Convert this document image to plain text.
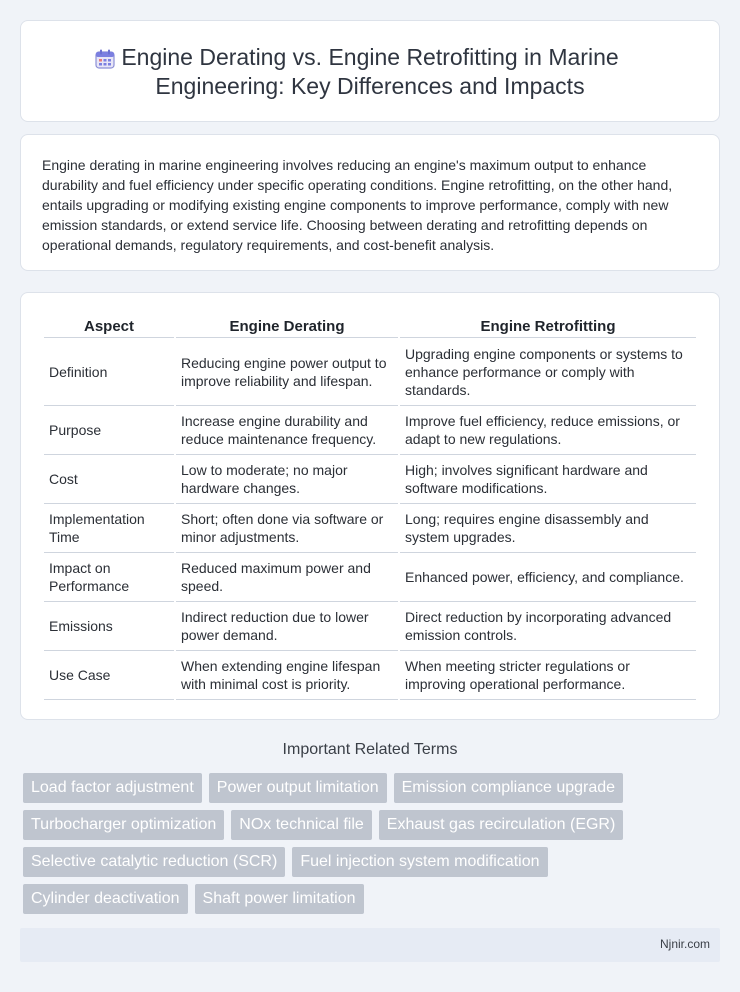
Engine Derating vs. Engine Retrofitting in Marine
Engineering: Key Differences and Impacts

Engine derating in marine engineering involves reducing an engine's maximum output to enhance durability and fuel efficiency under specific operating conditions. Engine retrofitting, on the other hand, entails upgrading or modifying existing engine components to improve performance, comply with new emission standards, or extend service life. Choosing between derating and retrofitting depends on operational demands, regulatory requirements, and cost-benefit analysis.

Aspect	Engine Derating	Engine Retrofitting
Definition	Reducing engine power output to improve reliability and lifespan.	Upgrading engine components or systems to enhance performance or comply with standards.
Purpose	Increase engine durability and reduce maintenance frequency.	Improve fuel efficiency, reduce emissions, or adapt to new regulations.
Cost	Low to moderate; no major hardware changes.	High; involves significant hardware and software modifications.
Implementation Time	Short; often done via software or minor adjustments.	Long; requires engine disassembly and system upgrades.
Impact on Performance	Reduced maximum power and speed.	Enhanced power, efficiency, and compliance.
Emissions	Indirect reduction due to lower power demand.	Direct reduction by incorporating advanced emission controls.
Use Case	When extending engine lifespan with minimal cost is priority.	When meeting stricter regulations or improving operational performance.
Important Related Terms
Load factor adjustment	Power output limitation	Emission compliance upgrade
Turbocharger optimization	NOx technical file	Exhaust gas recirculation (EGR)
Selective catalytic reduction (SCR)	Fuel injection system modification
Cylinder deactivation	Shaft power limitation
Njnir.com
